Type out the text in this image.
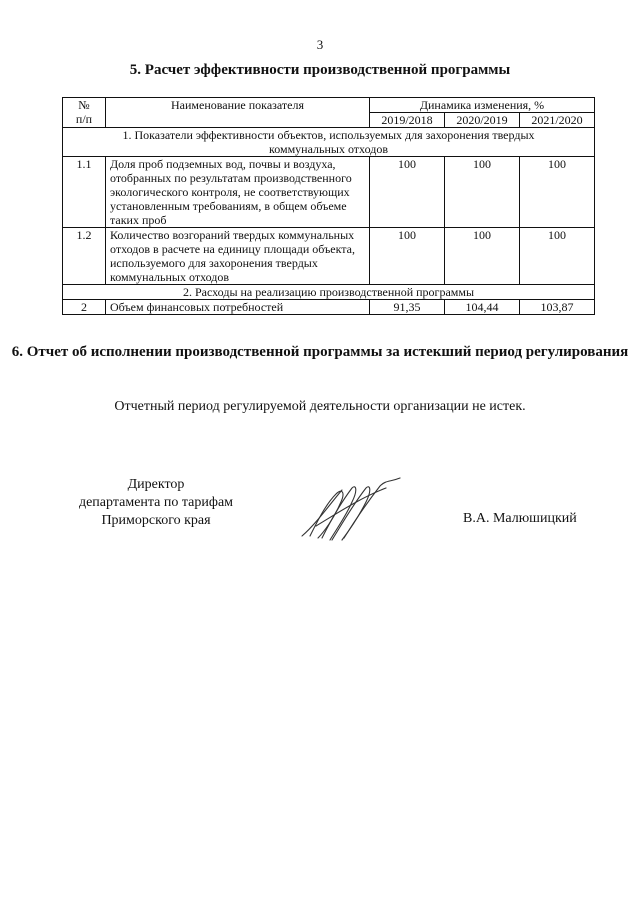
3
5. Расчет эффективности производственной программы
№
п/п	Наименование показателя	Динамика изменения, %		
		2019/2018	2020/2019	2021/2020
1. Показатели эффективности объектов, используемых для захоронения твердых коммунальных отходов				
1.1	Доля проб подземных вод, почвы и воздуха, отобранных по результатам производственного экологического контроля, не соответствующих установленным требованиям, в общем объеме таких проб	100	100	100
1.2	Количество возгораний твердых коммунальных отходов в расчете на единицу площади объекта, используемого для захоронения твердых коммунальных отходов	100	100	100
2. Расходы на реализацию производственной программы				
2	Объем финансовых потребностей	91,35	104,44	103,87
6. Отчет об исполнении производственной программы за истекший период регулирования
Отчетный период регулируемой деятельности организации не истек.
Директор
департамента по тарифам
Приморского края	В.А. Малюшицкий
